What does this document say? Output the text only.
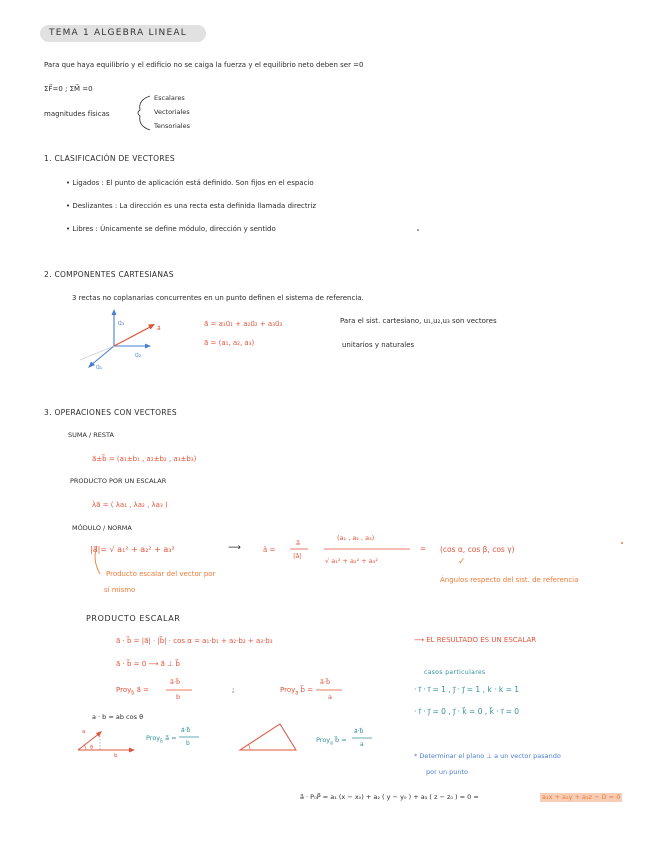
TEMA 1 ALGEBRA LINEAL
Para que haya equilibrio y el edificio no se caiga la fuerza y el equilibrio neto deben ser =0
ΣF⃗=0 ; ΣM⃗ =0
magnitudes físicas
Escalares
Vectoriales
Tensoriales
1. CLASIFICACIÓN DE VECTORES
• Ligados : El punto de aplicación está definido. Son fijos en el espacio
• Deslizantes : La dirección es una recta esta definida llamada directriz
• Libres : Únicamente se define módulo, dirección y sentido
2. COMPONENTES CARTESIANAS
3 rectas no coplanarias concurrentes en un punto definen el sistema de referencia.
a⃗ = a₁u⃗₁ + a₂u⃗₂ + a₃u⃗₃
a⃗ = (a₁, a₂, a₃)
Para el sist. cartesiano, u₁,u₂,u₃ son vectores
unitarios y naturales
u⃗₃
u⃗₂
u⃗₁
a⃗
3. OPERACIONES CON VECTORES
SUMA / RESTA
a⃗±b⃗ = (a₁±b₁ , a₂±b₂ , a₃±b₃)
PRODUCTO POR UN ESCALAR
λa⃗ = ( λa₁ , λa₂ , λa₃ )
MÓDULO / NORMA
|a⃗|= √ a₁² + a₂² + a₃²	⟶	â =
a⃗
|a⃗|
(a₁ , a₂ , a₃)
√ a₁² + a₂² + a₃²
= (cos α, cos β, cos γ)
✓
Producto escalar del vector por
sí mismo
Ángulos respecto del sist. de referencia
PRODUCTO ESCALAR
a⃗ · b⃗ = |a⃗| · |b⃗| · cos α = a₁·b₁ + a₂·b₂ + a₃·b₃	⟶ EL RESULTADO ES UN ESCALAR
a⃗ · b⃗ = 0 ⟶ a⃗ ⊥ b⃗
Proy$_{b⃗}$ a⃗ =
a⃗·b⃗
b
;	Proy$_{a⃗}$ b⃗ =
a⃗·b⃗
a
casos particulares
· i⃗ · i⃗ = 1 , j⃗ · j⃗ = 1 , k · k = 1
· i⃗ · j⃗ = 0 , j⃗ · k⃗ = 0 , k⃗ · i⃗ = 0
a · b = ab cos θ
Proy$_{b⃗}$ a⃗ =
a⃗·b⃗
b	Proy$_{a⃗}$ b⃗ =
a⃗·b⃗
a
a
b
θ
* Determinar el plano ⊥ a un vector pasando
por un punto
a⃗ · P₀P⃗ = a₁ (x − x₀) + a₂ ( y − y₀ ) + a₃ ( z − z₀ ) = 0 =	a₁x + a₂y + a₃z − D = 0
